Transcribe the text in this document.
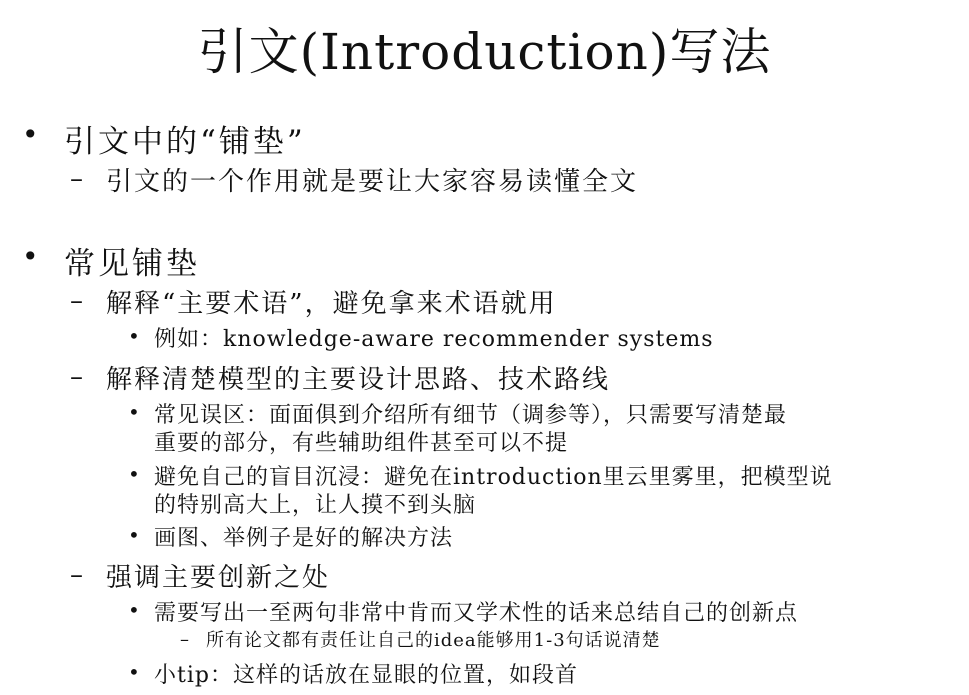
引文(Introduction)写法
• 引文中的“铺垫”
– 引文的一个作用就是要让大家容易读懂全文
• 常见铺垫
– 解释“主要术语”，避免拿来术语就用
• 例如：knowledge-aware recommender systems
– 解释清楚模型的主要设计思路、技术路线
• 常见误区：面面俱到介绍所有细节（调参等），只需要写清楚最
重要的部分，有些辅助组件甚至可以不提
• 避免自己的盲目沉浸：避免在introduction里云里雾里，把模型说
的特别高大上，让人摸不到头脑
• 画图、举例子是好的解决方法
– 强调主要创新之处
• 需要写出一至两句非常中肯而又学术性的话来总结自己的创新点
– 所有论文都有责任让自己的idea能够用1-3句话说清楚
• 小tip：这样的话放在显眼的位置，如段首
